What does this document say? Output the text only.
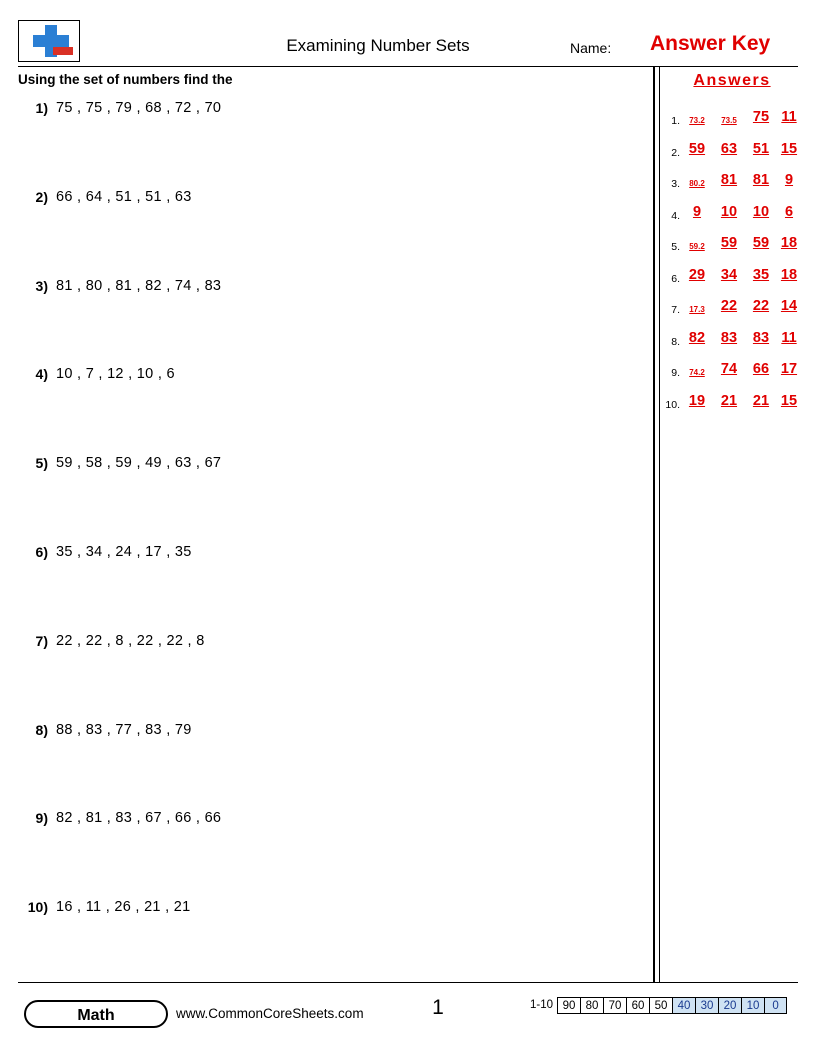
Examining Number Sets	Name: Answer Key
Using the set of numbers find the
1) 75 , 75 , 79 , 68 , 72 , 70
2) 66 , 64 , 51 , 51 , 63
3) 81 , 80 , 81 , 82 , 74 , 83
4) 10 , 7 , 12 , 10 , 6
5) 59 , 58 , 59 , 49 , 63 , 67
6) 35 , 34 , 24 , 17 , 35
7) 22 , 22 , 8 , 22 , 22 , 8
8) 88 , 83 , 77 , 83 , 79
9) 82 , 81 , 83 , 67 , 66 , 66
10) 16 , 11 , 26 , 21 , 21
Answers
1.	73.2	73.5	75 11
2. 59	63	51 15
3.	80.2	81	81	9
4. 9	10	10	6
5.	59.2	59	59 18
6. 29	34	35 18
7.	17.3	22	22 14
8. 82	83	83 11
9.	74.2	74	66 17
10. 19	21	21 15
Math	www.CommonCoreSheets.com	1	1-10 90 80 70 60 50 40 30 20 10	0
